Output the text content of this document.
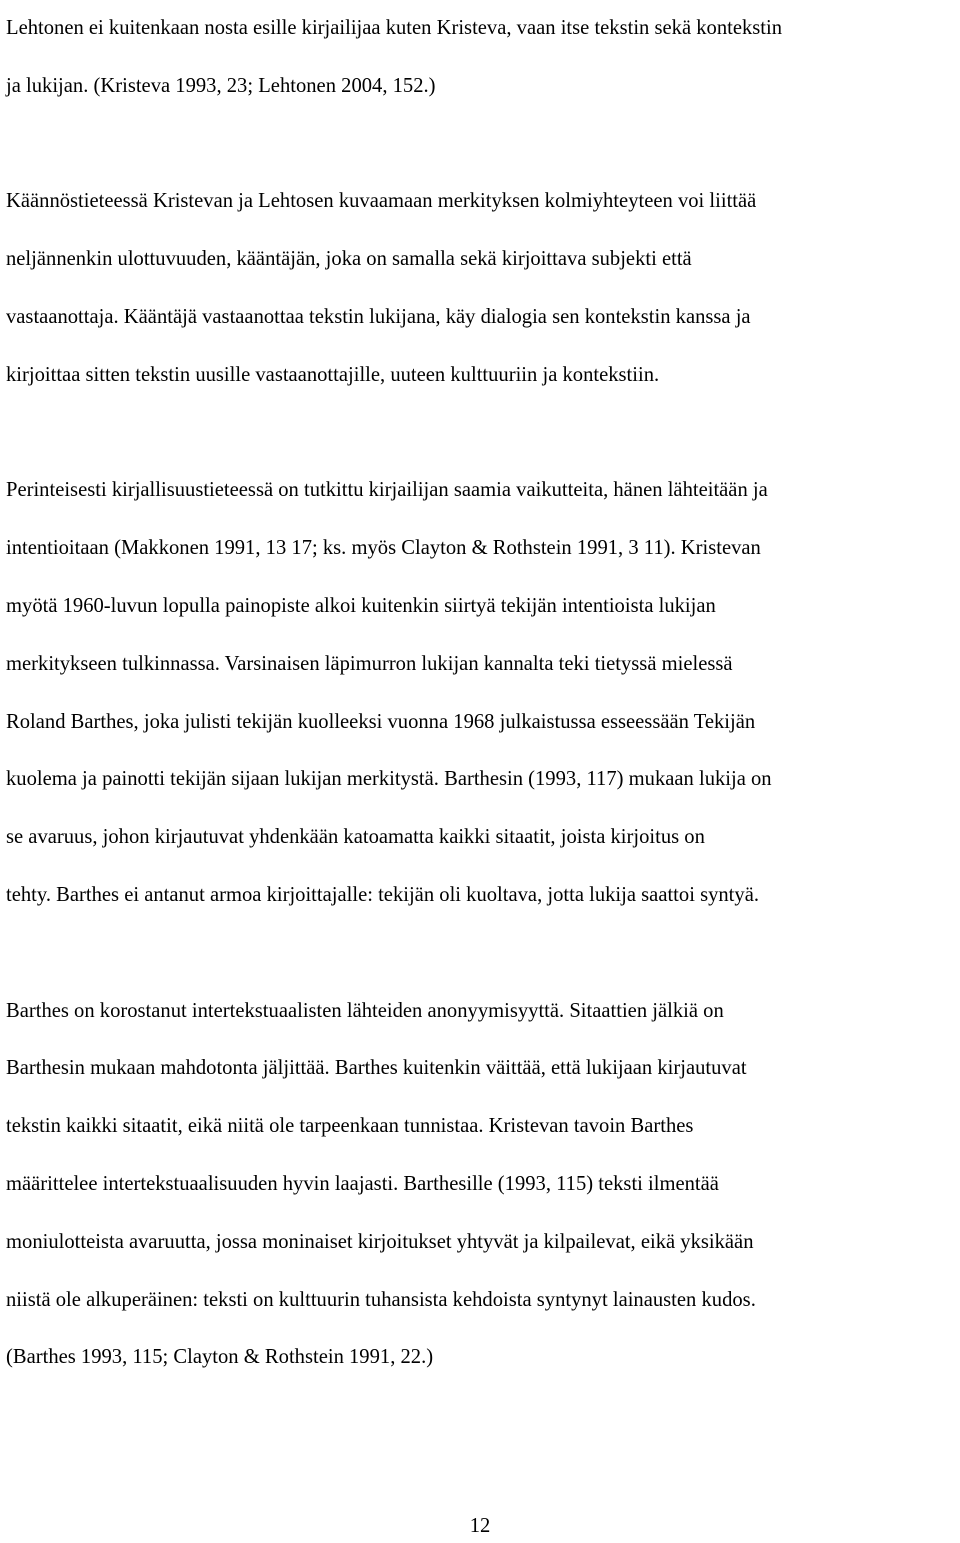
Lehtonen ei kuitenkaan nosta esille kirjailijaa kuten Kristeva, vaan itse tekstin sekä kontekstin
ja lukijan. (Kristeva 1993, 23; Lehtonen 2004, 152.)
Käännöstieteessä Kristevan ja Lehtosen kuvaamaan merkityksen kolmiyhteyteen voi liittää
neljännenkin ulottuvuuden, kääntäjän, joka on samalla sekä kirjoittava subjekti että
vastaanottaja. Kääntäjä vastaanottaa tekstin lukijana, käy dialogia sen kontekstin kanssa ja
kirjoittaa sitten tekstin uusille vastaanottajille, uuteen kulttuuriin ja kontekstiin.
Perinteisesti kirjallisuustieteessä on tutkittu kirjailijan saamia vaikutteita, hänen lähteitään ja
intentioitaan (Makkonen 1991, 13 17; ks. myös Clayton & Rothstein 1991, 3 11). Kristevan
myötä 1960-luvun lopulla painopiste alkoi kuitenkin siirtyä tekijän intentioista lukijan
merkitykseen tulkinnassa. Varsinaisen läpimurron lukijan kannalta teki tietyssä mielessä
Roland Barthes, joka julisti tekijän kuolleeksi vuonna 1968 julkaistussa esseessään Tekijän
kuolema ja painotti tekijän sijaan lukijan merkitystä. Barthesin (1993, 117) mukaan lukija on
se avaruus, johon kirjautuvat yhdenkään katoamatta kaikki sitaatit, joista kirjoitus on
tehty. Barthes ei antanut armoa kirjoittajalle: tekijän oli kuoltava, jotta lukija saattoi syntyä.
Barthes on korostanut intertekstuaalisten lähteiden anonyymisyyttä. Sitaattien jälkiä on
Barthesin mukaan mahdotonta jäljittää. Barthes kuitenkin väittää, että lukijaan kirjautuvat
tekstin kaikki sitaatit, eikä niitä ole tarpeenkaan tunnistaa. Kristevan tavoin Barthes
määrittelee intertekstuaalisuuden hyvin laajasti. Barthesille (1993, 115) teksti ilmentää
moniulotteista avaruutta, jossa moninaiset kirjoitukset yhtyvät ja kilpailevat, eikä yksikään
niistä ole alkuperäinen: teksti on kulttuurin tuhansista kehdoista syntynyt lainausten kudos.
(Barthes 1993, 115; Clayton & Rothstein 1991, 22.)
12
